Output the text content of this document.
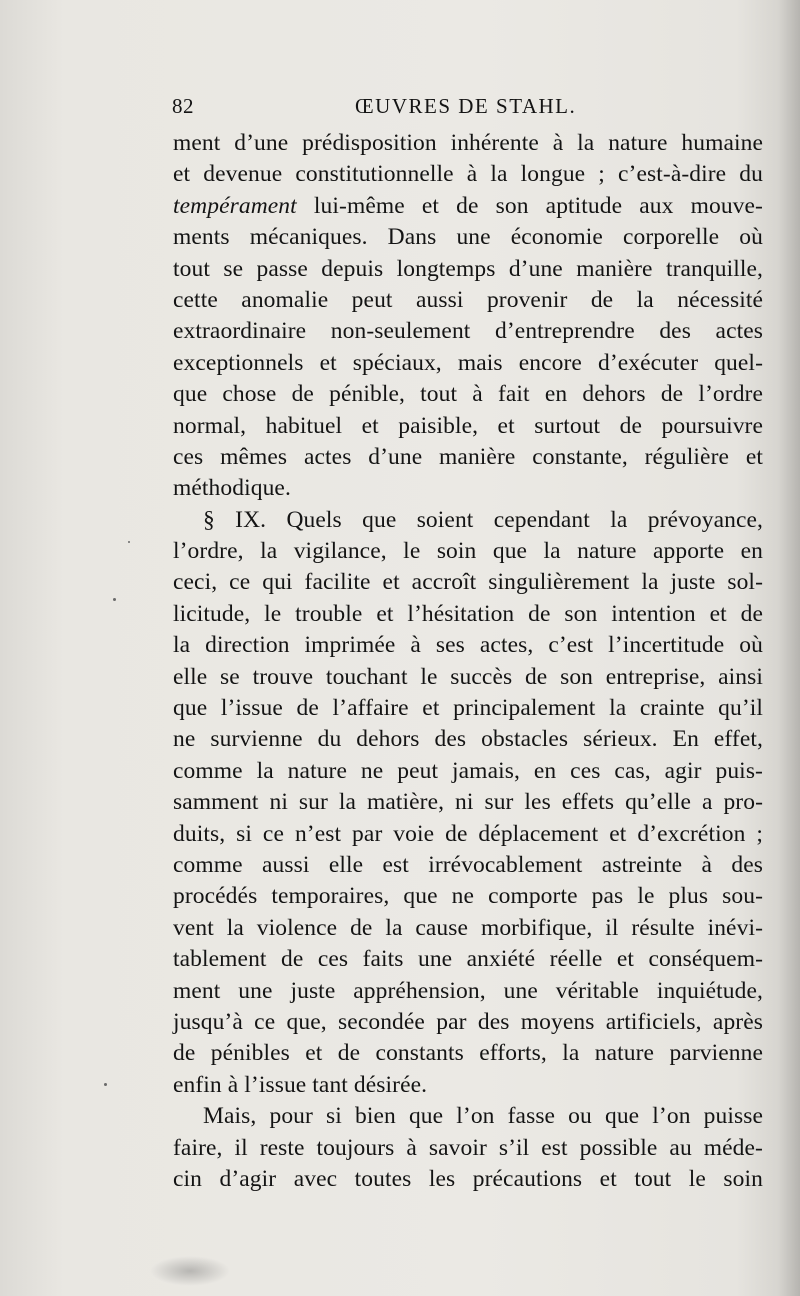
82	ŒUVRES DE STAHL.
ment d’une prédisposition inhérente à la nature humaine
et devenue constitutionnelle à la longue ; c’est-à-dire du
tempérament lui-même et de son aptitude aux mouve-
ments mécaniques. Dans une économie corporelle où
tout se passe depuis longtemps d’une manière tranquille,
cette anomalie peut aussi provenir de la nécessité
extraordinaire non-seulement d’entreprendre des actes
exceptionnels et spéciaux, mais encore d’exécuter quel-
que chose de pénible, tout à fait en dehors de l’ordre
normal, habituel et paisible, et surtout de poursuivre
ces mêmes actes d’une manière constante, régulière et
méthodique.
§ IX. Quels que soient cependant la prévoyance,
l’ordre, la vigilance, le soin que la nature apporte en
ceci, ce qui facilite et accroît singulièrement la juste sol-
licitude, le trouble et l’hésitation de son intention et de
la direction imprimée à ses actes, c’est l’incertitude où
elle se trouve touchant le succès de son entreprise, ainsi
que l’issue de l’affaire et principalement la crainte qu’il
ne survienne du dehors des obstacles sérieux. En effet,
comme la nature ne peut jamais, en ces cas, agir puis-
samment ni sur la matière, ni sur les effets qu’elle a pro-
duits, si ce n’est par voie de déplacement et d’excrétion ;
comme aussi elle est irrévocablement astreinte à des
procédés temporaires, que ne comporte pas le plus sou-
vent la violence de la cause morbifique, il résulte inévi-
tablement de ces faits une anxiété réelle et conséquem-
ment une juste appréhension, une véritable inquiétude,
jusqu’à ce que, secondée par des moyens artificiels, après
de pénibles et de constants efforts, la nature parvienne
enfin à l’issue tant désirée.
Mais, pour si bien que l’on fasse ou que l’on puisse
faire, il reste toujours à savoir s’il est possible au méde-
cin d’agir avec toutes les précautions et tout le soin
